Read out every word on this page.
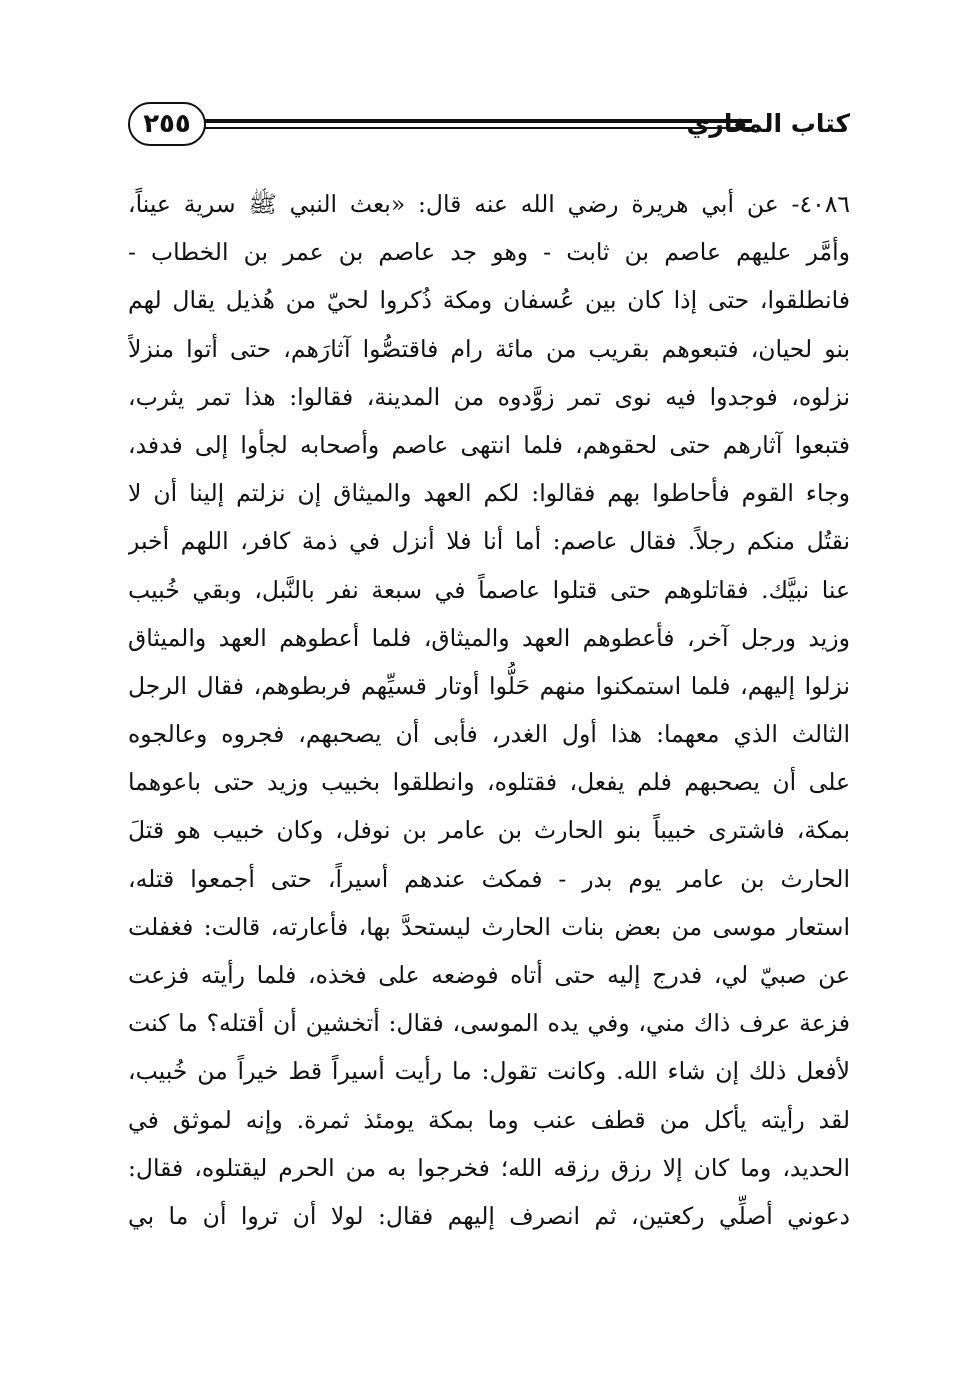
٢٥٥	كتاب المغازي
٤٠٨٦- عن أبي هريرة رضي الله عنه قال: «بعث النبي ﷺ سرية عيناً،
وأمَّر عليهم عاصم بن ثابت - وهو جد عاصم بن عمر بن الخطاب -
فانطلقوا، حتى إذا كان بين عُسفان ومكة ذُكروا لحيّ من هُذيل يقال لهم
بنو لحيان، فتبعوهم بقريب من مائة رام فاقتصُّوا آثارَهم، حتى أتوا منزلاً
نزلوه، فوجدوا فيه نوى تمر زوَّدوه من المدينة، فقالوا: هذا تمر يثرب،
فتبعوا آثارهم حتى لحقوهم، فلما انتهى عاصم وأصحابه لجأوا إلى فدفد،
وجاء القوم فأحاطوا بهم فقالوا: لكم العهد والميثاق إن نزلتم إلينا أن لا
نقتُل منكم رجلاً. فقال عاصم: أما أنا فلا أنزل في ذمة كافر، اللهم أخبر
عنا نبيَّك. فقاتلوهم حتى قتلوا عاصماً في سبعة نفر بالنَّبل، وبقي خُبيب
وزيد ورجل آخر، فأعطوهم العهد والميثاق، فلما أعطوهم العهد والميثاق
نزلوا إليهم، فلما استمكنوا منهم حَلُّوا أوتار قسيِّهم فربطوهم، فقال الرجل
الثالث الذي معهما: هذا أول الغدر، فأبى أن يصحبهم، فجروه وعالجوه
على أن يصحبهم فلم يفعل، فقتلوه، وانطلقوا بخبيب وزيد حتى باعوهما
بمكة، فاشترى خبيباً بنو الحارث بن عامر بن نوفل، وكان خبيب هو قتلَ
الحارث بن عامر يوم بدر - فمكث عندهم أسيراً، حتى أجمعوا قتله،
استعار موسى من بعض بنات الحارث ليستحدَّ بها، فأعارته، قالت: فغفلت
عن صبيّ لي، فدرج إليه حتى أتاه فوضعه على فخذه، فلما رأيته فزعت
فزعة عرف ذاك مني، وفي يده الموسى، فقال: أتخشين أن أقتله؟ ما كنت
لأفعل ذلك إن شاء الله. وكانت تقول: ما رأيت أسيراً قط خيراً من خُبيب،
لقد رأيته يأكل من قطف عنب وما بمكة يومئذ ثمرة. وإنه لموثق في
الحديد، وما كان إلا رزق رزقه الله؛ فخرجوا به من الحرم ليقتلوه، فقال:
دعوني أصلِّي ركعتين، ثم انصرف إليهم فقال: لولا أن تروا أن ما بي
